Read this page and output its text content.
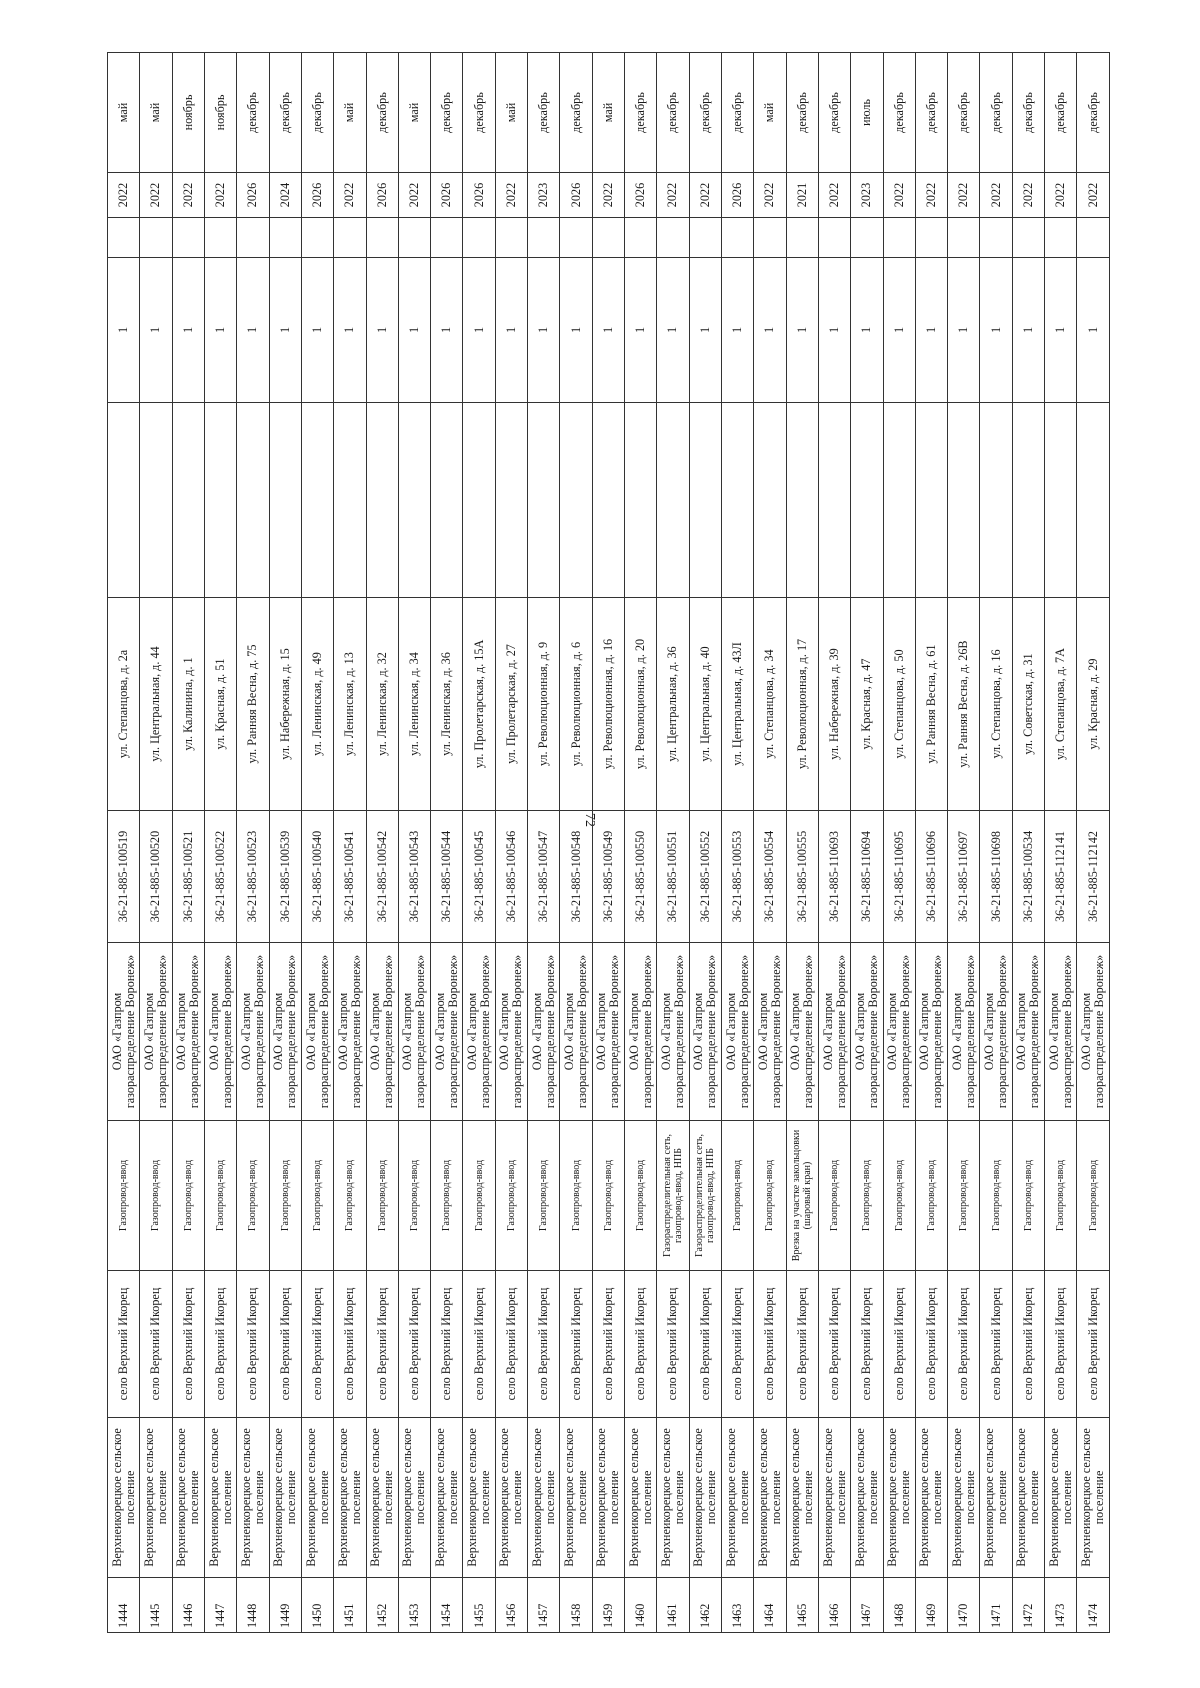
72
1444	Верхнеикорецкое сельское поселение	село Верхний Икорец	Газопровод-ввод	ОАО «Газпром газораспределение Воронеж»	36-21-885-100519	ул. Степанцова, д. 2а		1		2022	май
1445	Верхнеикорецкое сельское поселение	село Верхний Икорец	Газопровод-ввод	ОАО «Газпром газораспределение Воронеж»	36-21-885-100520	ул. Центральная, д. 44		1		2022	май
1446	Верхнеикорецкое сельское поселение	село Верхний Икорец	Газопровод-ввод	ОАО «Газпром газораспределение Воронеж»	36-21-885-100521	ул. Калинина, д. 1		1		2022	ноябрь
1447	Верхнеикорецкое сельское поселение	село Верхний Икорец	Газопровод-ввод	ОАО «Газпром газораспределение Воронеж»	36-21-885-100522	ул. Красная, д. 51		1		2022	ноябрь
1448	Верхнеикорецкое сельское поселение	село Верхний Икорец	Газопровод-ввод	ОАО «Газпром газораспределение Воронеж»	36-21-885-100523	ул. Ранняя Весна, д. 75		1		2026	декабрь
1449	Верхнеикорецкое сельское поселение	село Верхний Икорец	Газопровод-ввод	ОАО «Газпром газораспределение Воронеж»	36-21-885-100539	ул. Набережная, д. 15		1		2024	декабрь
1450	Верхнеикорецкое сельское поселение	село Верхний Икорец	Газопровод-ввод	ОАО «Газпром газораспределение Воронеж»	36-21-885-100540	ул. Ленинская, д. 49		1		2026	декабрь
1451	Верхнеикорецкое сельское поселение	село Верхний Икорец	Газопровод-ввод	ОАО «Газпром газораспределение Воронеж»	36-21-885-100541	ул. Ленинская, д. 13		1		2022	май
1452	Верхнеикорецкое сельское поселение	село Верхний Икорец	Газопровод-ввод	ОАО «Газпром газораспределение Воронеж»	36-21-885-100542	ул. Ленинская, д. 32		1		2026	декабрь
1453	Верхнеикорецкое сельское поселение	село Верхний Икорец	Газопровод-ввод	ОАО «Газпром газораспределение Воронеж»	36-21-885-100543	ул. Ленинская, д. 34		1		2022	май
1454	Верхнеикорецкое сельское поселение	село Верхний Икорец	Газопровод-ввод	ОАО «Газпром газораспределение Воронеж»	36-21-885-100544	ул. Ленинская, д. 36		1		2026	декабрь
1455	Верхнеикорецкое сельское поселение	село Верхний Икорец	Газопровод-ввод	ОАО «Газпром газораспределение Воронеж»	36-21-885-100545	ул. Пролетарская, д. 15А		1		2026	декабрь
1456	Верхнеикорецкое сельское поселение	село Верхний Икорец	Газопровод-ввод	ОАО «Газпром газораспределение Воронеж»	36-21-885-100546	ул. Пролетарская, д. 27		1		2022	май
1457	Верхнеикорецкое сельское поселение	село Верхний Икорец	Газопровод-ввод	ОАО «Газпром газораспределение Воронеж»	36-21-885-100547	ул. Революционная, д. 9		1		2023	декабрь
1458	Верхнеикорецкое сельское поселение	село Верхний Икорец	Газопровод-ввод	ОАО «Газпром газораспределение Воронеж»	36-21-885-100548	ул. Революционная, д. 6		1		2026	декабрь
1459	Верхнеикорецкое сельское поселение	село Верхний Икорец	Газопровод-ввод	ОАО «Газпром газораспределение Воронеж»	36-21-885-100549	ул. Революционная, д. 16		1		2022	май
1460	Верхнеикорецкое сельское поселение	село Верхний Икорец	Газопровод-ввод	ОАО «Газпром газораспределение Воронеж»	36-21-885-100550	ул. Революционная, д. 20		1		2026	декабрь
1461	Верхнеикорецкое сельское поселение	село Верхний Икорец	Газораспределительная сеть, газопровод-ввод, НПБ	ОАО «Газпром газораспределение Воронеж»	36-21-885-100551	ул. Центральная, д. 36		1		2022	декабрь
1462	Верхнеикорецкое сельское поселение	село Верхний Икорец	Газораспределительная сеть, газопровод-ввод, НПБ	ОАО «Газпром газораспределение Воронеж»	36-21-885-100552	ул. Центральная, д. 40		1		2022	декабрь
1463	Верхнеикорецкое сельское поселение	село Верхний Икорец	Газопровод-ввод	ОАО «Газпром газораспределение Воронеж»	36-21-885-100553	ул. Центральная, д. 43Л		1		2026	декабрь
1464	Верхнеикорецкое сельское поселение	село Верхний Икорец	Газопровод-ввод	ОАО «Газпром газораспределение Воронеж»	36-21-885-100554	ул. Степанцова, д. 34		1		2022	май
1465	Верхнеикорецкое сельское поселение	село Верхний Икорец	Врезка на участке закольцовки (шаровый кран)	ОАО «Газпром газораспределение Воронеж»	36-21-885-100555	ул. Революционная, д. 17		1		2021	декабрь
1466	Верхнеикорецкое сельское поселение	село Верхний Икорец	Газопровод-ввод	ОАО «Газпром газораспределение Воронеж»	36-21-885-110693	ул. Набережная, д. 39		1		2022	декабрь
1467	Верхнеикорецкое сельское поселение	село Верхний Икорец	Газопровод-ввод	ОАО «Газпром газораспределение Воронеж»	36-21-885-110694	ул. Красная, д. 47		1		2023	июль
1468	Верхнеикорецкое сельское поселение	село Верхний Икорец	Газопровод-ввод	ОАО «Газпром газораспределение Воронеж»	36-21-885-110695	ул. Степанцова, д. 50		1		2022	декабрь
1469	Верхнеикорецкое сельское поселение	село Верхний Икорец	Газопровод-ввод	ОАО «Газпром газораспределение Воронеж»	36-21-885-110696	ул. Ранняя Весна, д. 61		1		2022	декабрь
1470	Верхнеикорецкое сельское поселение	село Верхний Икорец	Газопровод-ввод	ОАО «Газпром газораспределение Воронеж»	36-21-885-110697	ул. Ранняя Весна, д. 26В		1		2022	декабрь
1471	Верхнеикорецкое сельское поселение	село Верхний Икорец	Газопровод-ввод	ОАО «Газпром газораспределение Воронеж»	36-21-885-110698	ул. Степанцова, д. 16		1		2022	декабрь
1472	Верхнеикорецкое сельское поселение	село Верхний Икорец	Газопровод-ввод	ОАО «Газпром газораспределение Воронеж»	36-21-885-100534	ул. Советская, д. 31		1		2022	декабрь
1473	Верхнеикорецкое сельское поселение	село Верхний Икорец	Газопровод-ввод	ОАО «Газпром газораспределение Воронеж»	36-21-885-112141	ул. Степанцова, д. 7А		1		2022	декабрь
1474	Верхнеикорецкое сельское поселение	село Верхний Икорец	Газопровод-ввод	ОАО «Газпром газораспределение Воронеж»	36-21-885-112142	ул. Красная, д. 29		1		2022	декабрь
